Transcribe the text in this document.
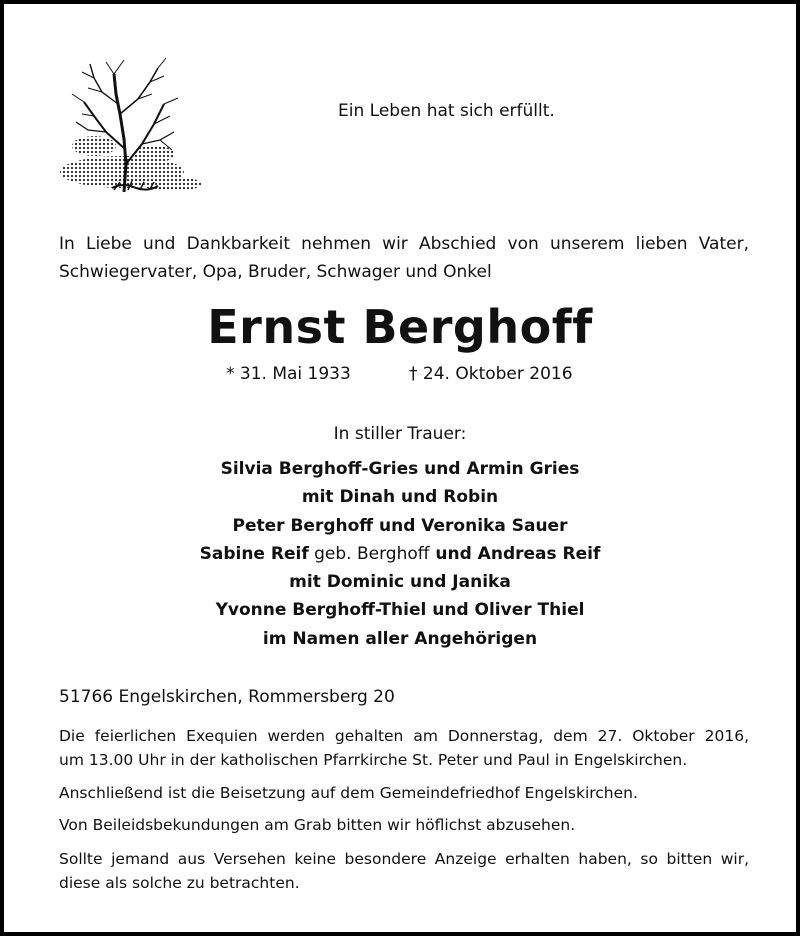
Ein Leben hat sich erfüllt.
In Liebe und Dankbarkeit nehmen wir Abschied von unserem lieben Vater,
Schwiegervater, Opa, Bruder, Schwager und Onkel
Ernst Berghoff
* 31. Mai 1933	† 24. Oktober 2016
In stiller Trauer:
Silvia Berghoff-Gries und Armin Gries
mit Dinah und Robin
Peter Berghoff und Veronika Sauer
Sabine Reif geb. Berghoff und Andreas Reif
mit Dominic und Janika
Yvonne Berghoff-Thiel und Oliver Thiel
im Namen aller Angehörigen
51766 Engelskirchen, Rommersberg 20
Die feierlichen Exequien werden gehalten am Donnerstag, dem 27. Oktober 2016,
um 13.00 Uhr in der katholischen Pfarrkirche St. Peter und Paul in Engelskirchen.
Anschließend ist die Beisetzung auf dem Gemeindefriedhof Engelskirchen.
Von Beileidsbekundungen am Grab bitten wir höflichst abzusehen.
Sollte jemand aus Versehen keine besondere Anzeige erhalten haben, so bitten wir,
diese als solche zu betrachten.
